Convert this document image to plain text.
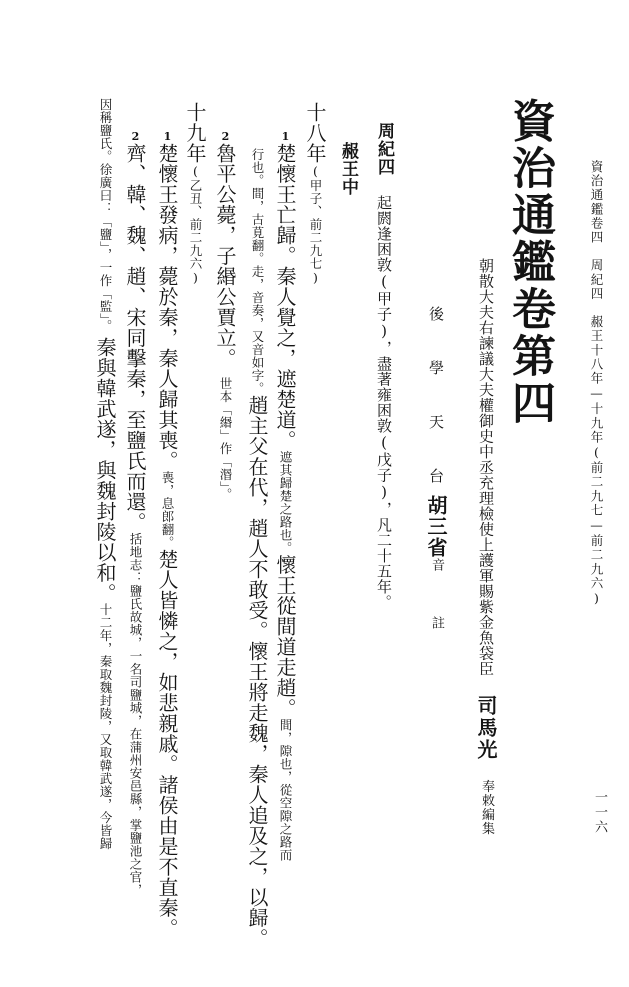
資治通鑑卷四　周紀四　赧王十八年—十九年(前二九七—前二九六)
一一六
資治通鑑卷第四
朝散大夫右諫議大夫權御史中丞充理檢使上護軍賜紫金魚袋臣 司馬光 奉敕編集
後　學　天　台胡三省音　註
周紀四 起閼逢困敦(甲子)，盡著雍困敦(戊子)，凡二十五年。
赧王中
十八年(甲子、前二九七)
1楚懷王亡歸。秦人覺之，遮楚道。遮其歸楚之路也。懷王從間道走趙。間，隙也，從空隙之路而
行也。間，古莧翻。走，音奏，又音如字。趙主父在代，趙人不敢受。懷王將走魏，秦人追及之，以歸。
2魯平公薨，子緡公賈立。世本「緡」作「湣」。
十九年(乙丑、前二九六)
1楚懷王發病，薨於秦，秦人歸其喪。喪，息郎翻。楚人皆憐之，如悲親戚。諸侯由是不直秦。
2齊、韓、魏、趙、宋同擊秦，至鹽氏而還。括地志：鹽氏故城，一名司鹽城，在蒲州安邑縣，掌鹽池之官，
因稱鹽氏。徐廣曰：「鹽」，一作「監」。秦與韓武遂，與魏封陵以和。十二年，秦取魏封陵，又取韓武遂，今皆歸
